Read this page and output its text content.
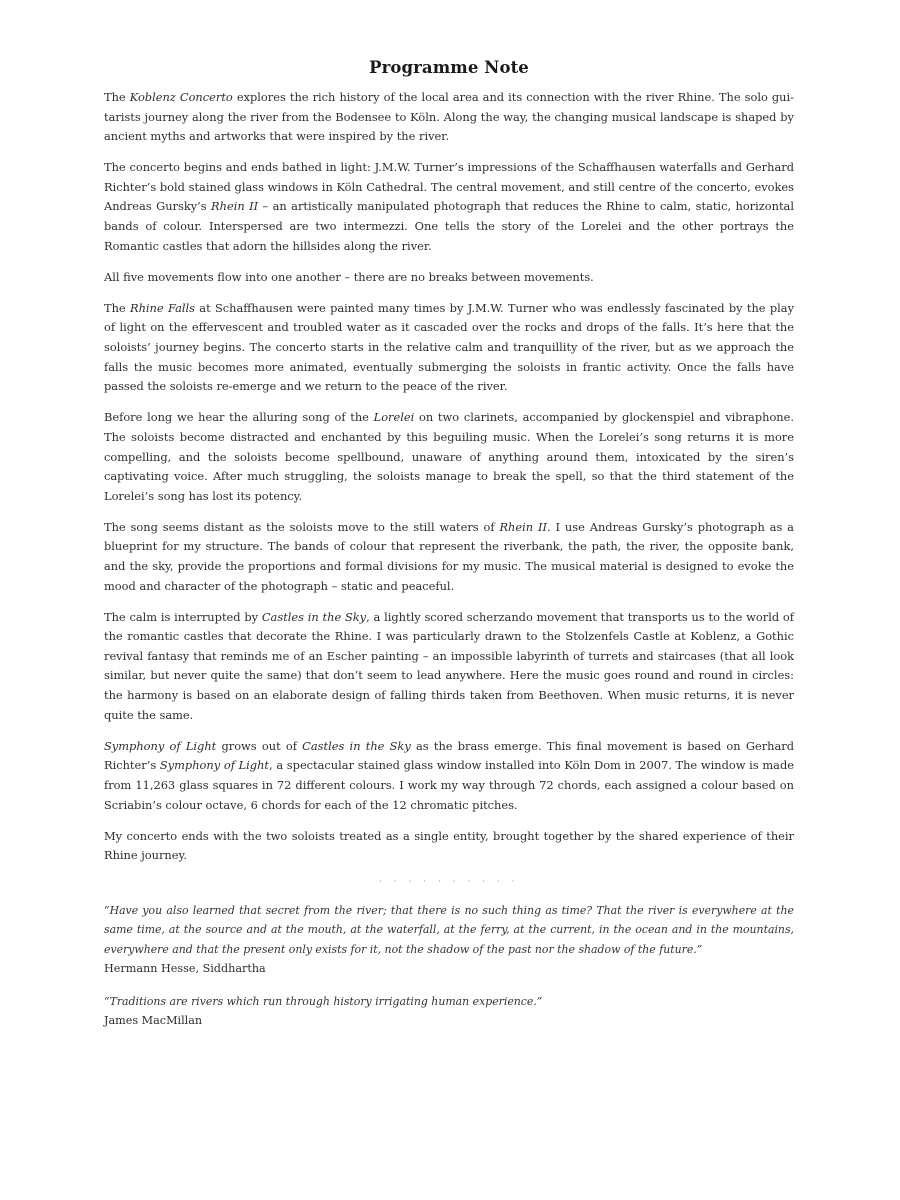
Programme Note

The Koblenz Concerto explores the rich history of the local area and its connection with the river Rhine. The solo guitarists journey along the river from the Bodensee to Köln. Along the way, the changing musical landscape is shaped by ancient myths and artworks that were inspired by the river.

The concerto begins and ends bathed in light: J.M.W. Turner’s impressions of the Schaffhausen waterfalls and Gerhard Richter’s bold stained glass windows in Köln Cathedral. The central movement, and still centre of the concerto, evokes Andreas Gursky’s Rhein II – an artistically manipulated photograph that reduces the Rhine to calm, static, horizontal bands of colour. Interspersed are two intermezzi. One tells the story of the Lorelei and the other portrays the Romantic castles that adorn the hillsides along the river.

All five movements flow into one another – there are no breaks between movements.

The Rhine Falls at Schaffhausen were painted many times by J.M.W. Turner who was endlessly fascinated by the play of light on the effervescent and troubled water as it cascaded over the rocks and drops of the falls. It’s here that the soloists’ journey begins. The concerto starts in the relative calm and tranquillity of the river, but as we approach the falls the music becomes more animated, eventually submerging the soloists in frantic activity. Once the falls have passed the soloists re-emerge and we return to the peace of the river.

Before long we hear the alluring song of the Lorelei on two clarinets, accompanied by glockenspiel and vibraphone. The soloists become distracted and enchanted by this beguiling music. When the Lorelei’s song returns it is more compelling, and the soloists become spellbound, unaware of anything around them, intoxicated by the siren’s captivating voice. After much struggling, the soloists manage to break the spell, so that the third statement of the Lorelei’s song has lost its potency.

The song seems distant as the soloists move to the still waters of Rhein II. I use Andreas Gursky’s photograph as a blueprint for my structure. The bands of colour that represent the riverbank, the path, the river, the opposite bank, and the sky, provide the proportions and formal divisions for my music. The musical material is designed to evoke the mood and character of the photograph – static and peaceful.

The calm is interrupted by Castles in the Sky, a lightly scored scherzando movement that transports us to the world of the romantic castles that decorate the Rhine. I was particularly drawn to the Stolzenfels Castle at Koblenz, a Gothic revival fantasy that reminds me of an Escher painting – an impossible labyrinth of turrets and staircases (that all look similar, but never quite the same) that don’t seem to lead anywhere. Here the music goes round and round in circles: the harmony is based on an elaborate design of falling thirds taken from Beethoven. When music returns, it is never quite the same.

Symphony of Light grows out of Castles in the Sky as the brass emerge. This final movement is based on Gerhard Richter’s Symphony of Light, a spectacular stained glass window installed into Köln Dom in 2007. The window is made from 11,263 glass squares in 72 different colours. I work my way through 72 chords, each assigned a colour based on Scriabin’s colour octave, 6 chords for each of the 12 chromatic pitches.

My concerto ends with the two soloists treated as a single entity, brought together by the shared experience of their Rhine journey.

· · · · · · · · · ·

“Have you also learned that secret from the river; that there is no such thing as time? That the river is everywhere at the same time, at the source and at the mouth, at the waterfall, at the ferry, at the current, in the ocean and in the mountains, everywhere and that the present only exists for it, not the shadow of the past nor the shadow of the future.”

Hermann Hesse, Siddhartha

“Traditions are rivers which run through history irrigating human experience.”

James MacMillan
